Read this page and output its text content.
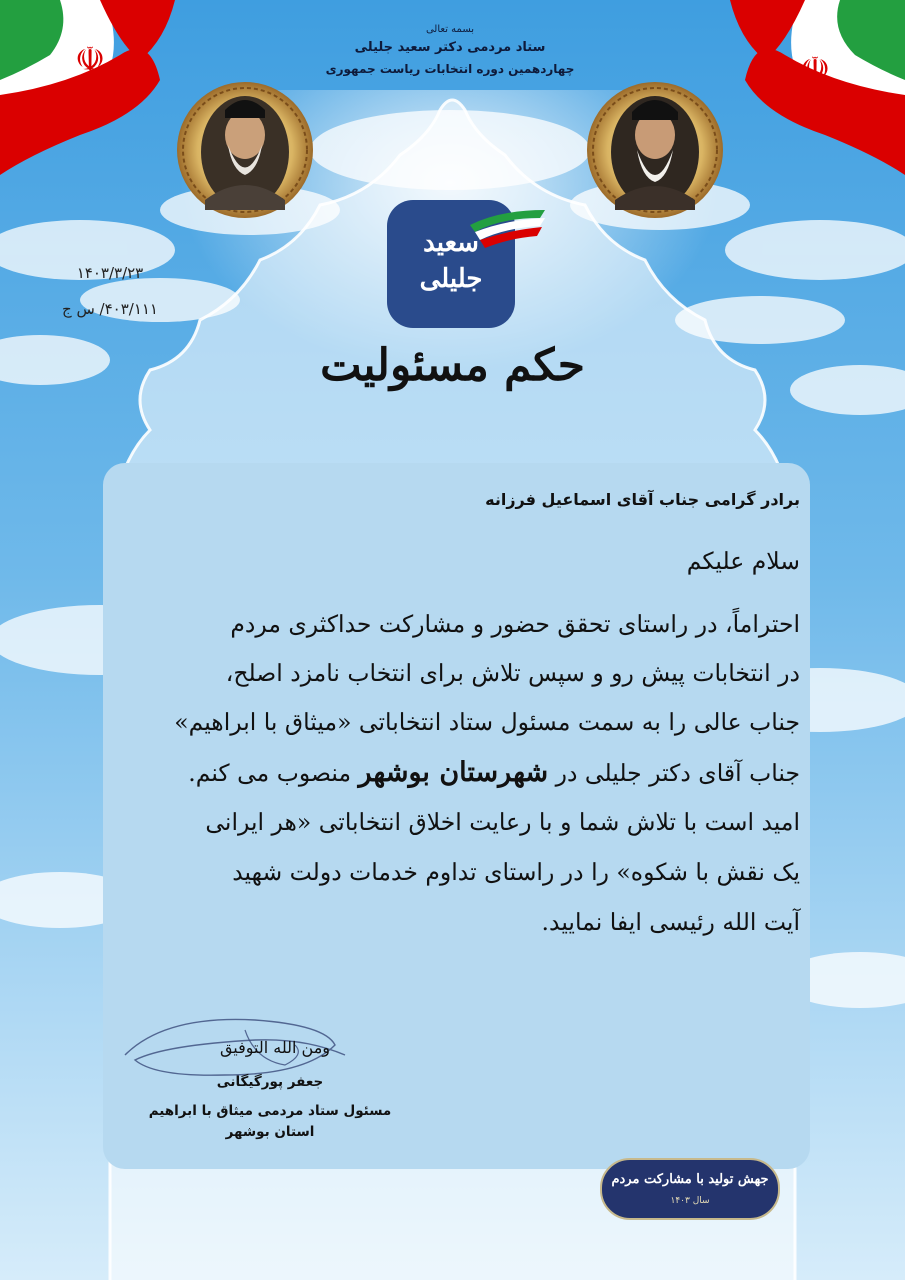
☫	☫
سعید
جلیلی
بسمه تعالی
ستاد مردمی دکتر سعید جلیلی
چهاردهمین دوره انتخابات ریاست جمهوری
۱۴۰۳/۳/۲۳
۴۰۳/۱۱۱/ س ج
حکم مسئولیت
برادر گرامی جناب آقای اسماعیل فرزانه
سلام علیکم
احتراماً، در راستای تحقق حضور و مشارکت حداکثری مردم
در انتخابات پیش رو و سپس تلاش برای انتخاب نامزد اصلح،
جناب عالی را به سمت مسئول ستاد انتخاباتی «میثاق با ابراهیم»
جناب آقای دکتر جلیلی در شهرستان بوشهر منصوب می کنم.
امید است با تلاش شما و با رعایت اخلاق انتخاباتی «هر ایرانی
یک نقش با شکوه» را در راستای تداوم خدمات دولت شهید
آیت الله رئیسی ایفا نمایید.
ومن الله التوفیق
جعفر پورگیگانی
مسئول ستاد مردمی میثاق با ابراهیم
استان بوشهر
جهش تولید با مشارکت مردم
سال ۱۴۰۳
